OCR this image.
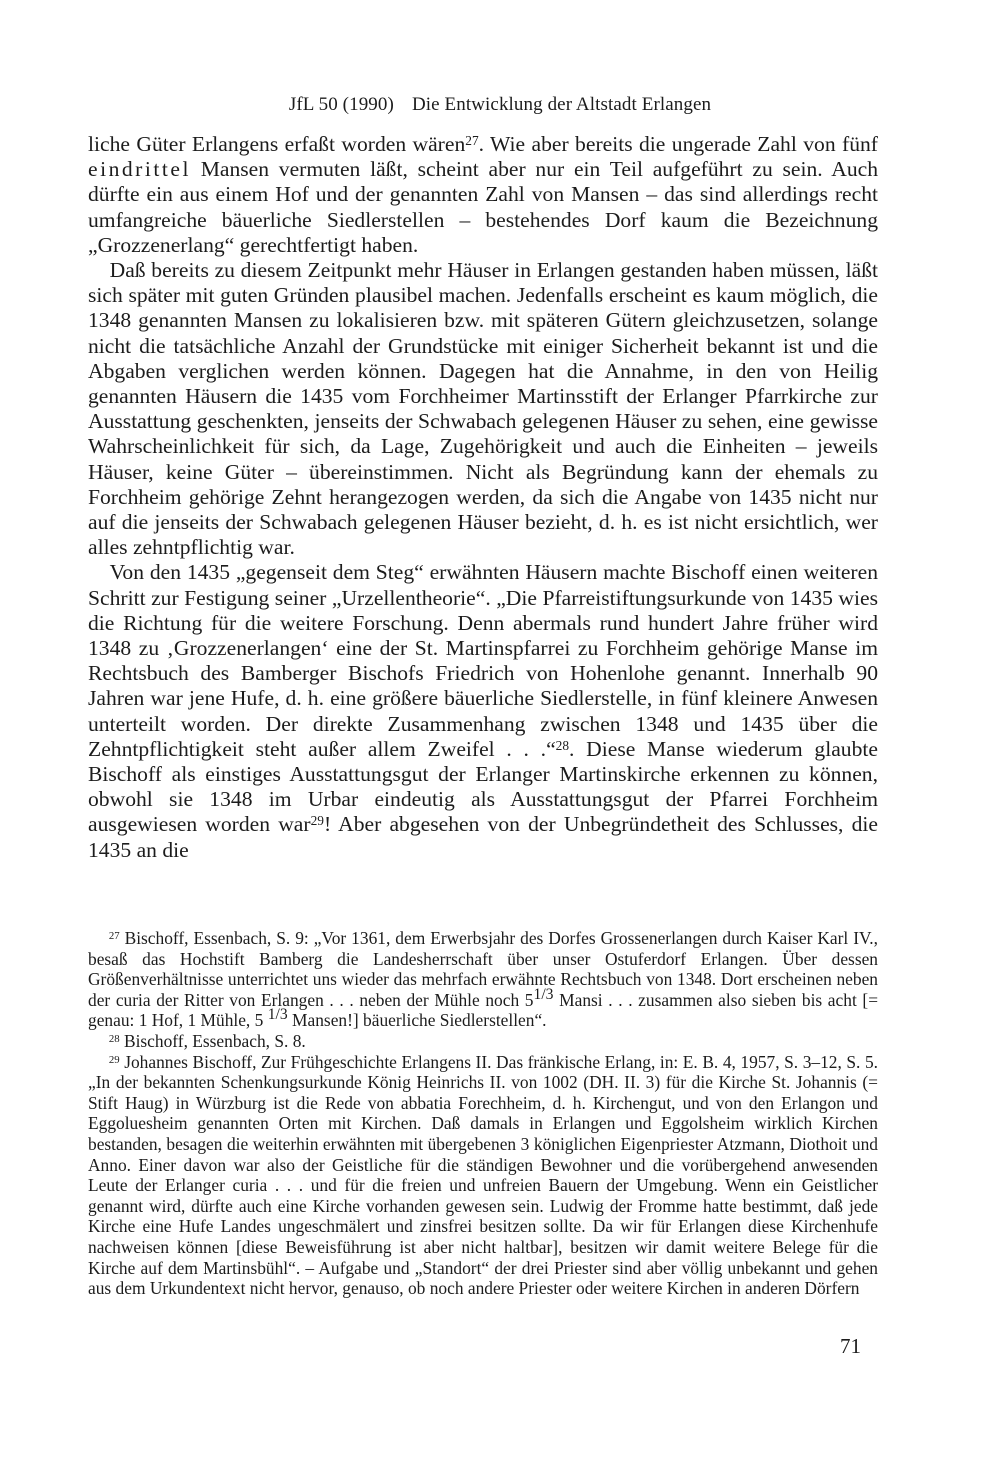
JfL 50 (1990) Die Entwicklung der Altstadt Erlangen

liche Güter Erlangens erfaßt worden wären$^{27}$. Wie aber bereits die ungerade Zahl von fünf eindrittel Mansen vermuten läßt, scheint aber nur ein Teil aufgeführt zu sein. Auch dürfte ein aus einem Hof und der genannten Zahl von Mansen – das sind allerdings recht umfangreiche bäuerliche Siedlerstellen – bestehendes Dorf kaum die Bezeichnung „Grozzenerlang“ gerechtfertigt haben.

Daß bereits zu diesem Zeitpunkt mehr Häuser in Erlangen gestanden haben müssen, läßt sich später mit guten Gründen plausibel machen. Jedenfalls erscheint es kaum möglich, die 1348 genannten Mansen zu lokalisieren bzw. mit späteren Gütern gleichzusetzen, solange nicht die tatsächliche Anzahl der Grundstücke mit einiger Sicherheit bekannt ist und die Abgaben verglichen werden können. Dagegen hat die Annahme, in den von Heilig genannten Häusern die 1435 vom Forchheimer Martinsstift der Erlanger Pfarrkirche zur Ausstattung geschenkten, jenseits der Schwabach gelegenen Häuser zu sehen, eine gewisse Wahrscheinlichkeit für sich, da Lage, Zugehörigkeit und auch die Einheiten – jeweils Häuser, keine Güter – übereinstimmen. Nicht als Begründung kann der ehemals zu Forchheim gehörige Zehnt herangezogen werden, da sich die Angabe von 1435 nicht nur auf die jenseits der Schwabach gelegenen Häuser bezieht, d. h. es ist nicht ersichtlich, wer alles zehntpflichtig war.

Von den 1435 „gegenseit dem Steg“ erwähnten Häusern machte Bischoff einen weiteren Schritt zur Festigung seiner „Urzellentheorie“. „Die Pfarreistiftungsurkunde von 1435 wies die Richtung für die weitere Forschung. Denn abermals rund hundert Jahre früher wird 1348 zu ‚Grozzenerlangen‘ eine der St. Martinspfarrei zu Forchheim gehörige Manse im Rechtsbuch des Bamberger Bischofs Friedrich von Hohenlohe genannt. Innerhalb 90 Jahren war jene Hufe, d. h. eine größere bäuerliche Siedlerstelle, in fünf kleinere Anwesen unterteilt worden. Der direkte Zusammenhang zwischen 1348 und 1435 über die Zehntpflichtigkeit steht außer allem Zweifel . . .“$^{28}$. Diese Manse wiederum glaubte Bischoff als einstiges Ausstattungsgut der Erlanger Martinskirche erkennen zu können, obwohl sie 1348 im Urbar eindeutig als Ausstattungsgut der Pfarrei Forchheim ausgewiesen worden war$^{29}$! Aber abgesehen von der Unbegründetheit des Schlusses, die 1435 an die

$^{27}$ Bischoff, Essenbach, S. 9: „Vor 1361, dem Erwerbsjahr des Dorfes Grossenerlangen durch Kaiser Karl IV., besaß das Hochstift Bamberg die Landesherrschaft über unser Ostuferdorf Erlangen. Über dessen Größenverhältnisse unterrichtet uns wieder das mehrfach erwähnte Rechtsbuch von 1348. Dort erscheinen neben der curia der Ritter von Erlangen . . . neben der Mühle noch $5^{1/3}$ Mansi . . . zusammen also sieben bis acht [= genau: 1 Hof, 1 Mühle, 5 $^{1/3}$ Mansen!] bäuerliche Siedlerstellen“.

$^{28}$ Bischoff, Essenbach, S. 8.

$^{29}$ Johannes Bischoff, Zur Frühgeschichte Erlangens II. Das fränkische Erlang, in: E. B. 4, 1957, S. 3–12, S. 5. „In der bekannten Schenkungsurkunde König Heinrichs II. von 1002 (DH. II. 3) für die Kirche St. Johannis (= Stift Haug) in Würzburg ist die Rede von abbatia Forechheim, d. h. Kirchengut, und von den Erlangon und Eggoluesheim genannten Orten mit Kirchen. Daß damals in Erlangen und Eggolsheim wirklich Kirchen bestanden, besagen die weiterhin erwähnten mit übergebenen 3 königlichen Eigenpriester Atzmann, Diothoit und Anno. Einer davon war also der Geistliche für die ständigen Bewohner und die vorübergehend anwesenden Leute der Erlanger curia . . . und für die freien und unfreien Bauern der Umgebung. Wenn ein Geistlicher genannt wird, dürfte auch eine Kirche vorhanden gewesen sein. Ludwig der Fromme hatte bestimmt, daß jede Kirche eine Hufe Landes ungeschmälert und zinsfrei besitzen sollte. Da wir für Erlangen diese Kirchenhufe nachweisen können [diese Beweisführung ist aber nicht haltbar], besitzen wir damit weitere Belege für die Kirche auf dem Martinsbühl“. – Aufgabe und „Standort“ der drei Priester sind aber völlig unbekannt und gehen aus dem Urkundentext nicht hervor, genauso, ob noch andere Priester oder weitere Kirchen in anderen Dörfern

71
